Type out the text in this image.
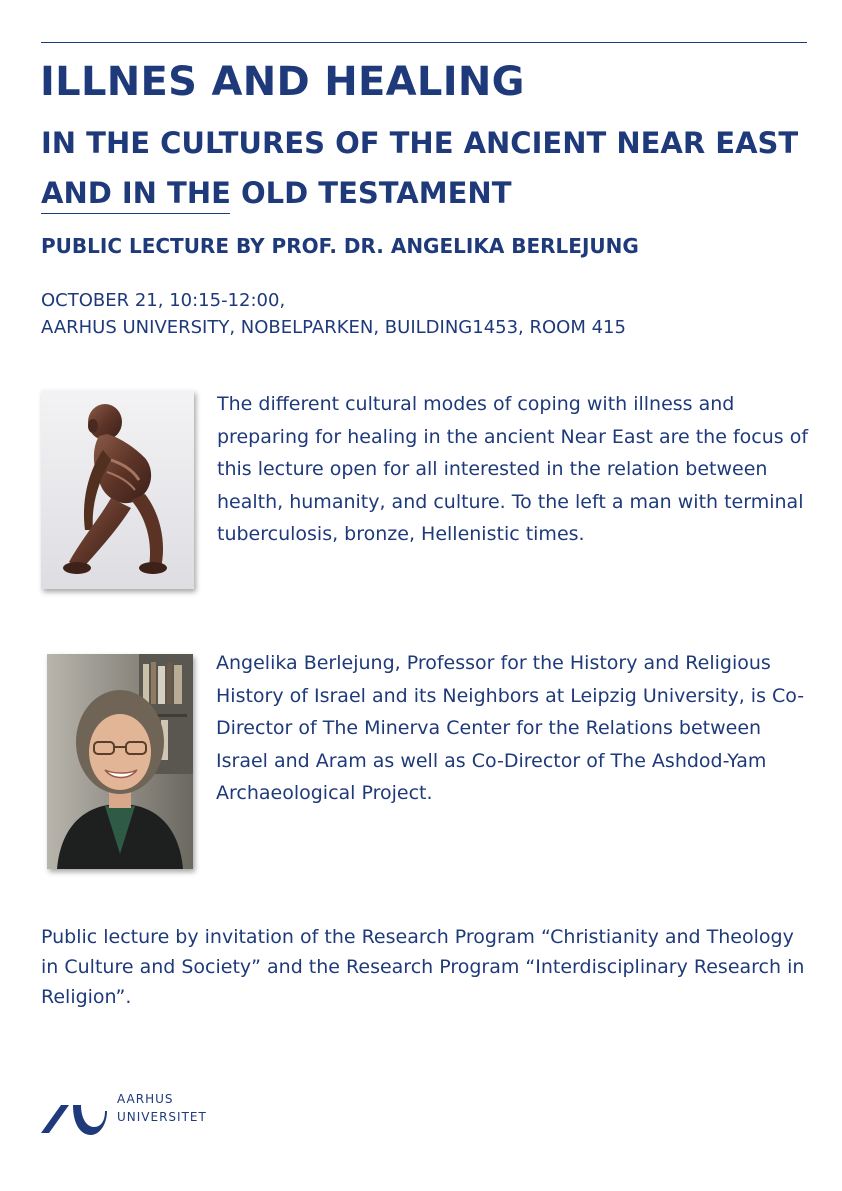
ILLNES AND HEALING
IN THE CULTURES OF THE ANCIENT NEAR EAST
AND IN THE OLD TESTAMENT
PUBLIC LECTURE BY PROF. DR. ANGELIKA BERLEJUNG
OCTOBER 21, 10:15-12:00,
AARHUS UNIVERSITY, NOBELPARKEN, BUILDING1453, ROOM 415

The different cultural modes of coping with illness and preparing for healing in the ancient Near East are the focus of this lecture open for all interested in the relation between health, humanity, and culture. To the left a man with terminal tuberculosis, bronze, Hellenistic times.

Angelika Berlejung, Professor for the History and Religious History of Israel and its Neighbors at Leipzig University, is Co-Director of The Minerva Center for the Relations between Israel and Aram as well as Co-Director of The Ashdod-Yam Archaeological Project.

Public lecture by invitation of the Research Program “Christianity and Theology in Culture and Society” and the Research Program “Interdisciplinary Research in Religion”.

AARHUS
UNIVERSITET
